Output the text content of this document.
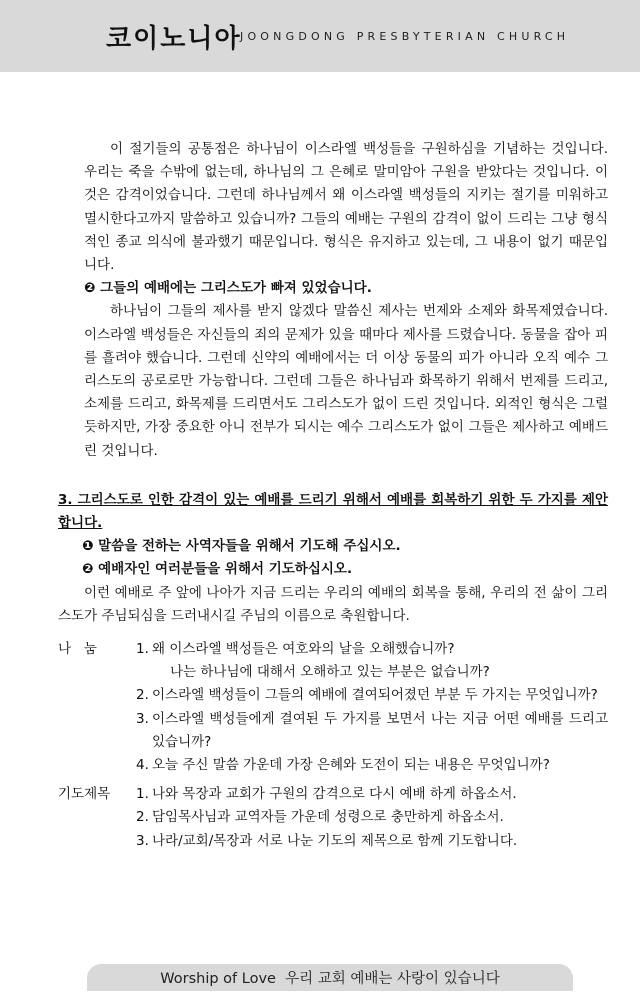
코이노니아
JOONGDONG PRESBYTERIAN CHURCH

이 절기들의 공통점은 하나님이 이스라엘 백성들을 구원하심을 기념하는 것입니다. 우리는 죽을 수밖에 없는데, 하나님의 그 은혜로 말미암아 구원을 받았다는 것입니다. 이것은 감격이었습니다. 그런데 하나님께서 왜 이스라엘 백성들의 지키는 절기를 미워하고 멸시한다고까지 말씀하고 있습니까? 그들의 예배는 구원의 감격이 없이 드리는 그냥 형식적인 종교 의식에 불과했기 때문입니다. 형식은 유지하고 있는데, 그 내용이 없기 때문입니다.

❷ 그들의 예배에는 그리스도가 빠져 있었습니다.

하나님이 그들의 제사를 받지 않겠다 말씀신 제사는 번제와 소제와 화목제였습니다. 이스라엘 백성들은 자신들의 죄의 문제가 있을 때마다 제사를 드렸습니다. 동물을 잡아 피를 흘려야 했습니다. 그런데 신약의 예배에서는 더 이상 동물의 피가 아니라 오직 예수 그리스도의 공로로만 가능합니다. 그런데 그들은 하나님과 화목하기 위해서 번제를 드리고, 소제를 드리고, 화목제를 드리면서도 그리스도가 없이 드린 것입니다. 외적인 형식은 그럴 듯하지만, 가장 중요한 아니 전부가 되시는 예수 그리스도가 없이 그들은 제사하고 예배드린 것입니다.

3. 그리스도로 인한 감격이 있는 예배를 드리기 위해서 예배를 회복하기 위한 두 가지를 제안합니다.

❶ 말씀을 전하는 사역자들을 위해서 기도해 주십시오.

❷ 예배자인 여러분들을 위해서 기도하십시오.

이런 예배로 주 앞에 나아가 지금 드리는 우리의 예배의 회복을 통해, 우리의 전 삶이 그리스도가 주님되심을 드러내시길 주님의 이름으로 축원합니다.

나   눔	1. 왜 이스라엘 백성들은 여호와의 날을 오해했습니까?
나는 하나님에 대해서 오해하고 있는 부분은 없습니까?
2. 이스라엘 백성들이 그들의 예배에 결여되어졌던 부분 두 가지는 무엇입니까?
3. 이스라엘 백성들에게 결여된 두 가지를 보면서 나는 지금 어떤 예배를 드리고 있습니까?
4. 오늘 주신 말씀 가운데 가장 은혜와 도전이 되는 내용은 무엇입니까?
기도제목	1. 나와 목장과 교회가 구원의 감격으로 다시 예배 하게 하옵소서.
2. 담임목사님과 교역자들 가운데 성령으로 충만하게 하옵소서.
3. 나라/교회/목장과 서로 나눈 기도의 제목으로 함께 기도합니다.
Worship of Love  우리 교회 예배는 사랑이 있습니다
